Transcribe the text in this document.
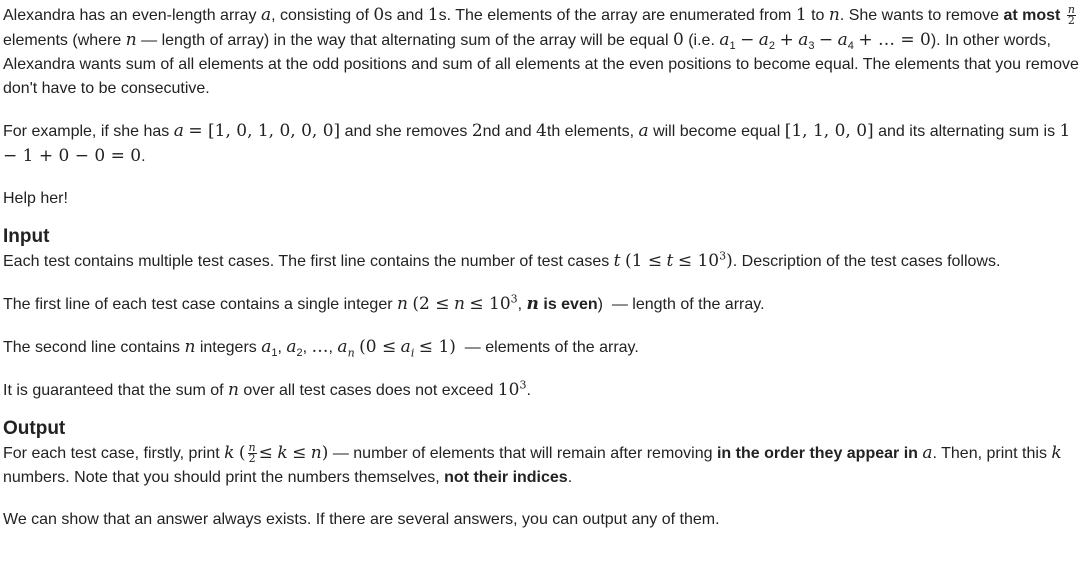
Alexandra has an even-length array a, consisting of 0s and 1s. The elements of the array are enumerated from 1 to n. She wants to remove at most $\frac{n}{2}$
elements (where n — length of array) in the way that alternating sum of the array will be equal 0 (i.e. $a_1 - a_2 + a_3 - a_4$ + … = 0). In other words, Alexandra wants sum of all elements at the odd positions and sum of all elements at the even positions to become equal. The elements that you remove don't have to be consecutive.

For example, if she has a = [1, 0, 1, 0, 0, 0] and she removes 2nd and 4th elements, a will become equal [1, 1, 0, 0] and its alternating sum is 1 − 1 + 0 − 0 = 0.

Help her!

Input

Each test contains multiple test cases. The first line contains the number of test cases t $(1 \le t \le 10^3)$. Description of the test cases follows.

The first line of each test case contains a single integer n ($2 \le n \le 10^3$, n is even)  — length of the array.

The second line contains n integers $a_1$, $a_2$, …, $a_n$ $(0 \le a_i \le 1)$  — elements of the array.

It is guaranteed that the sum of n over all test cases does not exceed $10^3$.

Output

For each test case, firstly, print k ( $\frac{n}{2} \le k \le n$) — number of elements that will remain after removing in the order they appear in a. Then, print this k numbers. Note that you should print the numbers themselves, not their indices.

We can show that an answer always exists. If there are several answers, you can output any of them.
